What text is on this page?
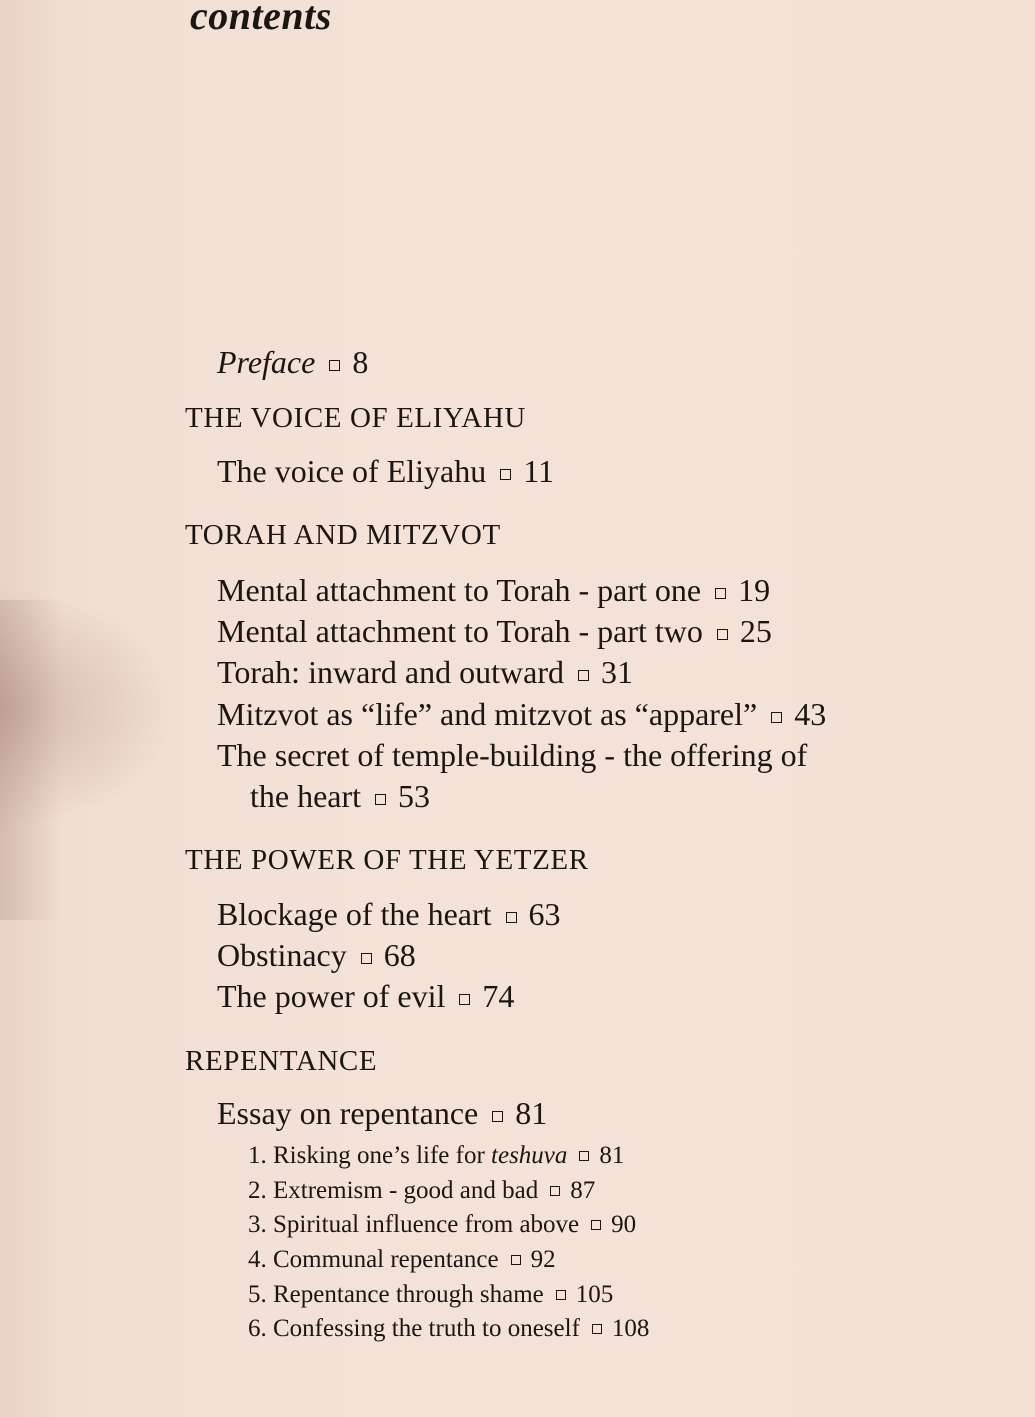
contents
Preface 8
THE VOICE OF ELIYAHU
The voice of Eliyahu 11
TORAH AND MITZVOT
Mental attachment to Torah - part one 19
Mental attachment to Torah - part two 25
Torah: inward and outward 31
Mitzvot as “life” and mitzvot as “apparel” 43
The secret of temple-building - the offering of
the heart 53
THE POWER OF THE YETZER
Blockage of the heart 63
Obstinacy 68
The power of evil 74
REPENTANCE
Essay on repentance 81
1. Risking one’s life for teshuva 81
2. Extremism - good and bad 87
3. Spiritual influence from above 90
4. Communal repentance 92
5. Repentance through shame 105
6. Confessing the truth to oneself 108
